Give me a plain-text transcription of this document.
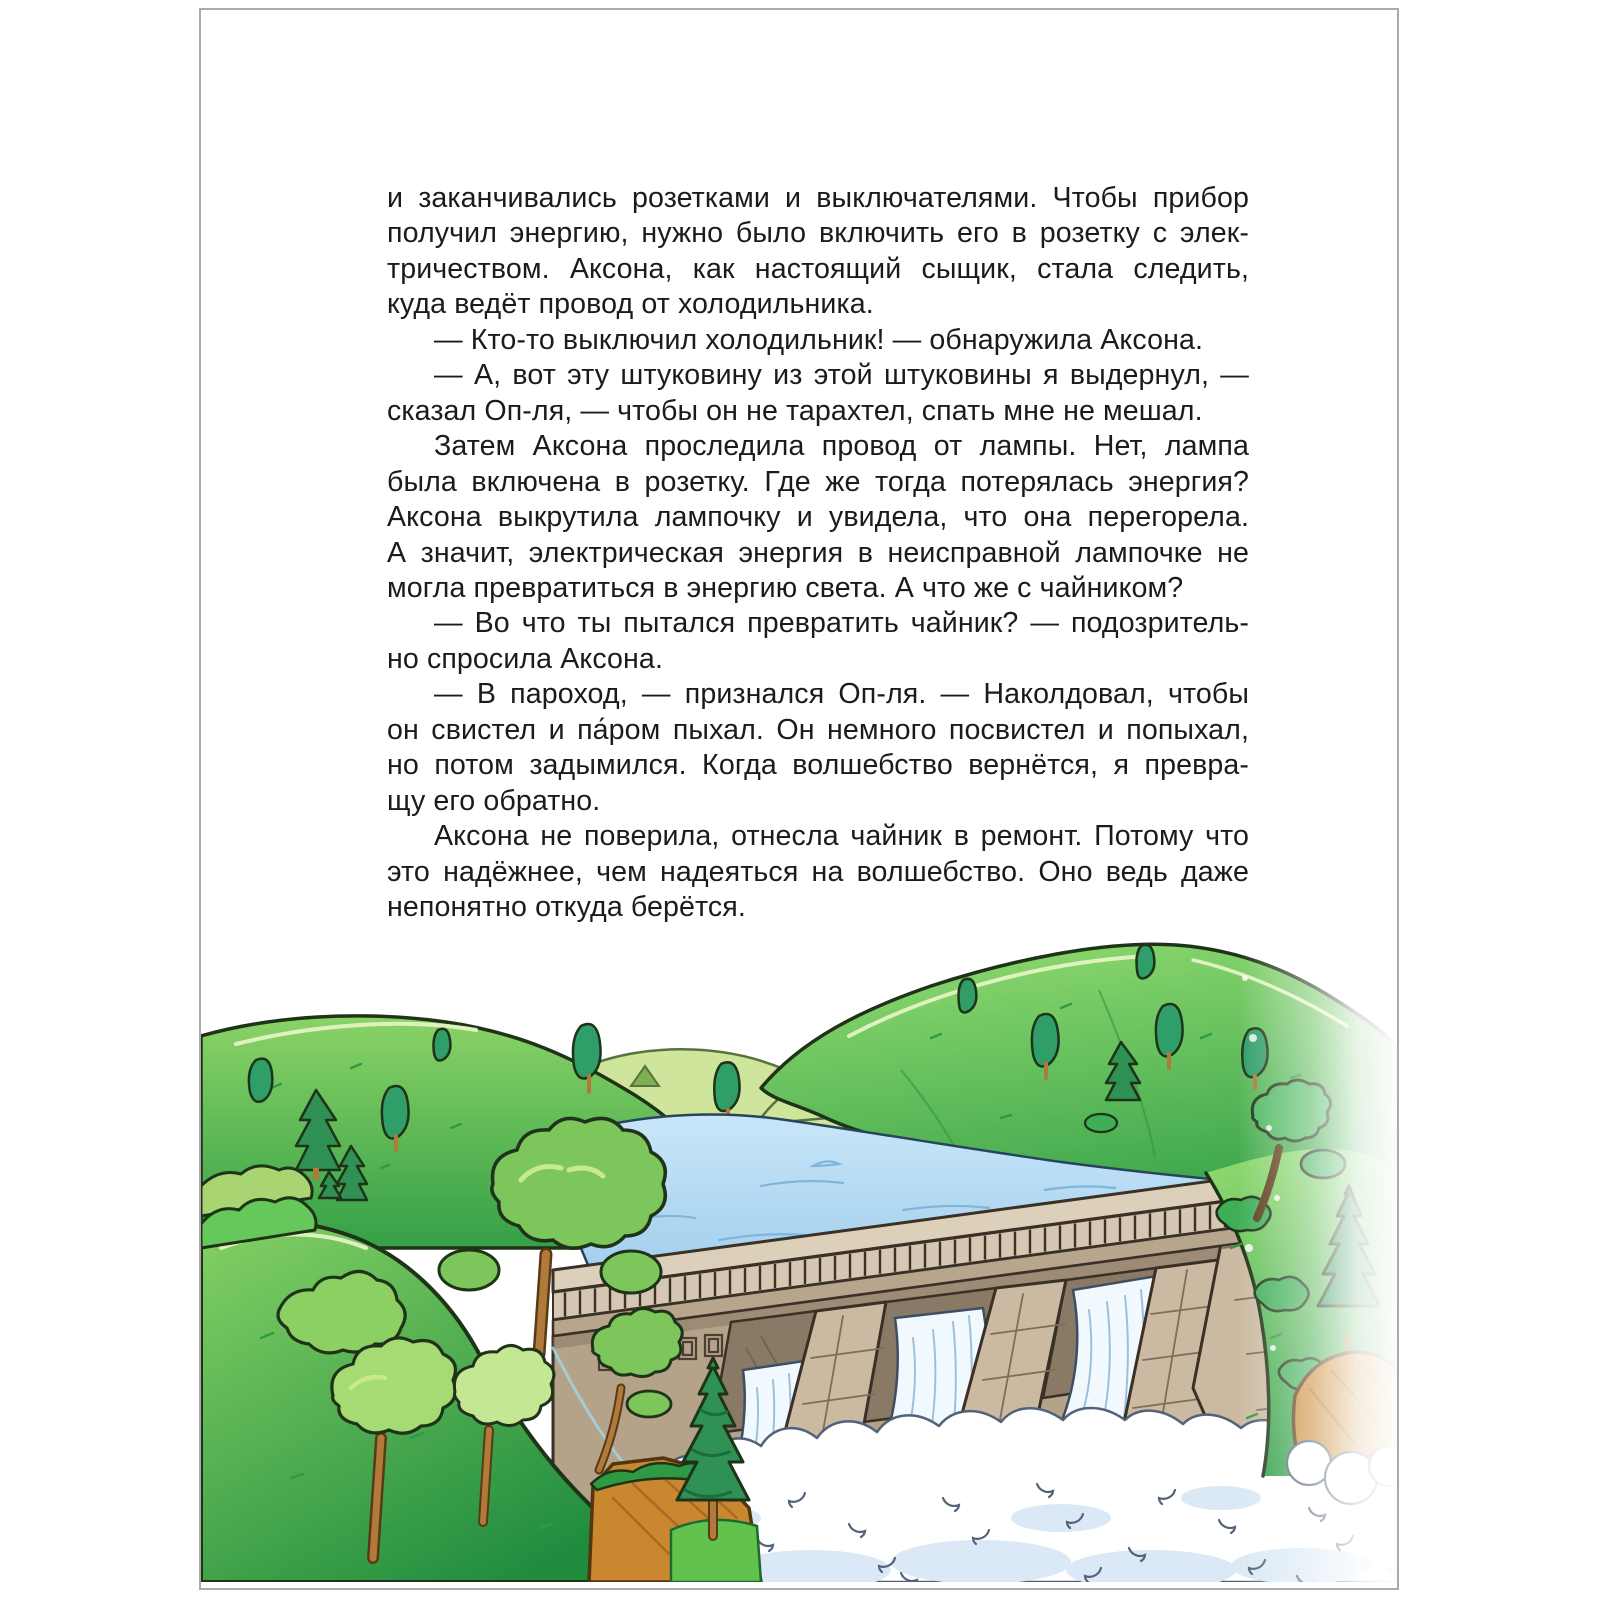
и заканчивались розетками и выключателями. Чтобы прибор
получил энергию, нужно было включить его в розетку с элек-
тричеством. Аксона, как настоящий сыщик, стала следить,
куда ведёт провод от холодильника.
— Кто-то выключил холодильник! — обнаружила Аксона.
— А, вот эту штуковину из этой штуковины я выдернул, —
сказал Оп-ля, — чтобы он не тарахтел, спать мне не мешал.
Затем Аксона проследила провод от лампы. Нет, лампа
была включена в розетку. Где же тогда потерялась энергия?
Аксона выкрутила лампочку и увидела, что она перегорела.
А значит, электрическая энергия в неисправной лампочке не
могла превратиться в энергию света. А что же с чайником?
— Во что ты пытался превратить чайник? — подозритель-
но спросила Аксона.
— В пароход, — признался Оп-ля. — Наколдовал, чтобы
он свистел и па́ром пыхал. Он немного посвистел и попыхал,
но потом задымился. Когда волшебство вернётся, я превра-
щу его обратно.
Аксона не поверила, отнесла чайник в ремонт. Потому что
это надёжнее, чем надеяться на волшебство. Оно ведь даже
непонятно откуда берётся.
